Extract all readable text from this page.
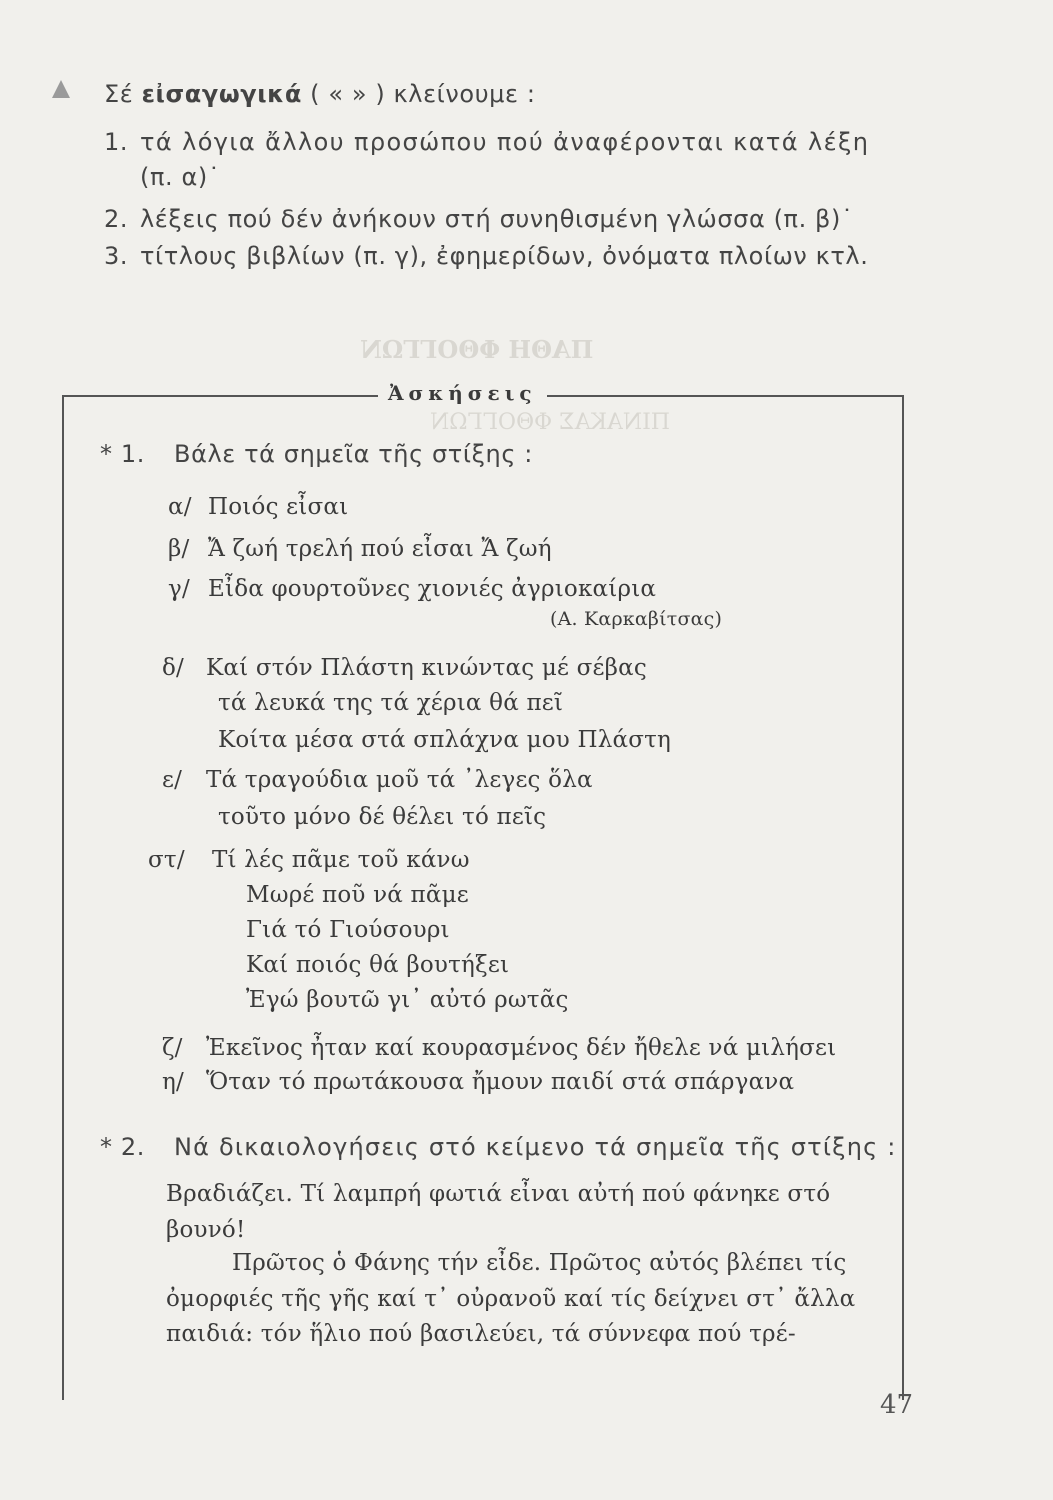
ΠΑΘΗ ΦΘΟΓΓΩΝ
ΠΙΝΑΚΑΣ ΦΘΟΓΓΩΝ
Σέ εἰσαγωγικά ( « » ) κλείνουμε :
1. τά λόγια ἄλλου προσώπου πού ἀναφέρονται κατά λέξη
(π. α)˙
2. λέξεις πού δέν ἀνήκουν στή συνηθισμένη γλώσσα (π. β)˙
3. τίτλους βιβλίων (π. γ), ἐφημερίδων, ὀνόματα πλοίων κτλ.
Ἀσκήσεις
* 1. Βάλε τά σημεῖα τῆς στίξης :
α/ Ποιός εἶσαι
β/ Ἄ ζωή τρελή πού εἶσαι Ἄ ζωή
γ/ Εἶδα φουρτοῦνες χιονιές ἀγριοκαίρια
(Α. Καρκαβίτσας)
δ/ Καί στόν Πλάστη κινώντας μέ σέβας
τά λευκά της τά χέρια θά πεῖ
Κοίτα μέσα στά σπλάχνα μου Πλάστη
ε/ Τά τραγούδια μοῦ τά ᾽λεγες ὅλα
τοῦτο μόνο δέ θέλει τό πεῖς
στ/ Τί λές πᾶμε τοῦ κάνω
Μωρέ ποῦ νά πᾶμε
Γιά τό Γιούσουρι
Καί ποιός θά βουτήξει
Ἐγώ βουτῶ γι᾽ αὐτό ρωτᾶς
ζ/ Ἐκεῖνος ἦταν καί κουρασμένος δέν ἤθελε νά μιλήσει
η/ Ὅταν τό πρωτάκουσα ἤμουν παιδί στά σπάργανα
* 2. Νά δικαιολογήσεις στό κείμενο τά σημεῖα τῆς στίξης :
Βραδιάζει. Τί λαμπρή φωτιά εἶναι αὐτή πού φάνηκε στό
βουνό!
Πρῶτος ὁ Φάνης τήν εἶδε. Πρῶτος αὐτός βλέπει τίς
ὀμορφιές τῆς γῆς καί τ᾽ οὐρανοῦ καί τίς δείχνει στ᾽ ἄλλα
παιδιά: τόν ἥλιο πού βασιλεύει, τά σύννεφα πού τρέ-
47
